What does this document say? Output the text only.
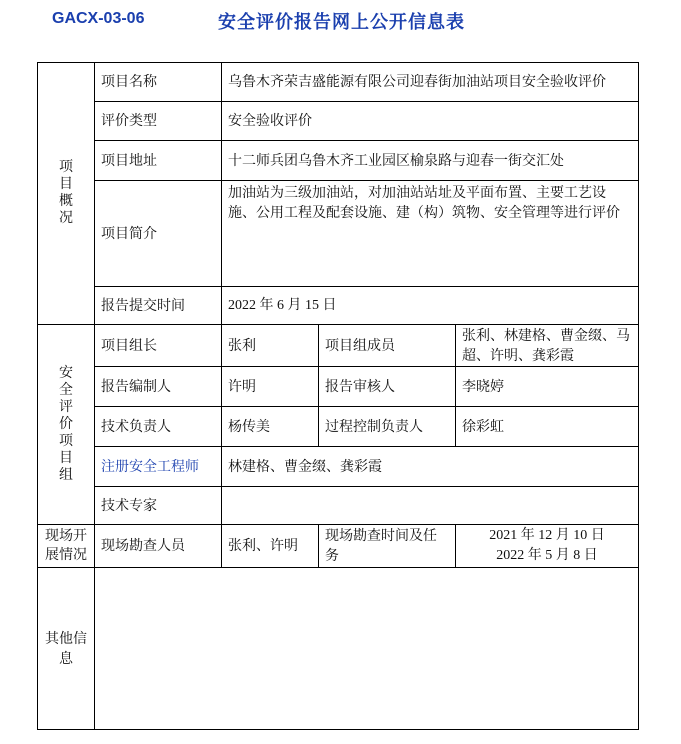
GACX-03-06	安全评价报告网上公开信息表
项目概况	项目名称	乌鲁木齐荣吉盛能源有限公司迎春街加油站项目安全验收评价		
	评价类型	安全验收评价		
	项目地址	十二师兵团乌鲁木齐工业园区榆泉路与迎春一街交汇处		
	项目简介	加油站为三级加油站，对加油站站址及平面布置、主要工艺设施、公用工程及配套设施、建（构）筑物、安全管理等进行评价		
	报告提交时间	2022 年 6 月 15 日		
安全评价项目组	项目组长	张利	项目组成员	张利、林建格、曹金缀、马超、许明、龚彩霞
	报告编制人	许明	报告审核人	李晓婷
	技术负责人	杨传美	过程控制负责人	徐彩虹
	注册安全工程师	林建格、曹金缀、龚彩霞		
	技术专家			
现场开展情况	现场勘查人员	张利、许明	现场勘查时间及任务	2021 年 12 月 10 日
2022 年 5 月 8 日

其他信息				
